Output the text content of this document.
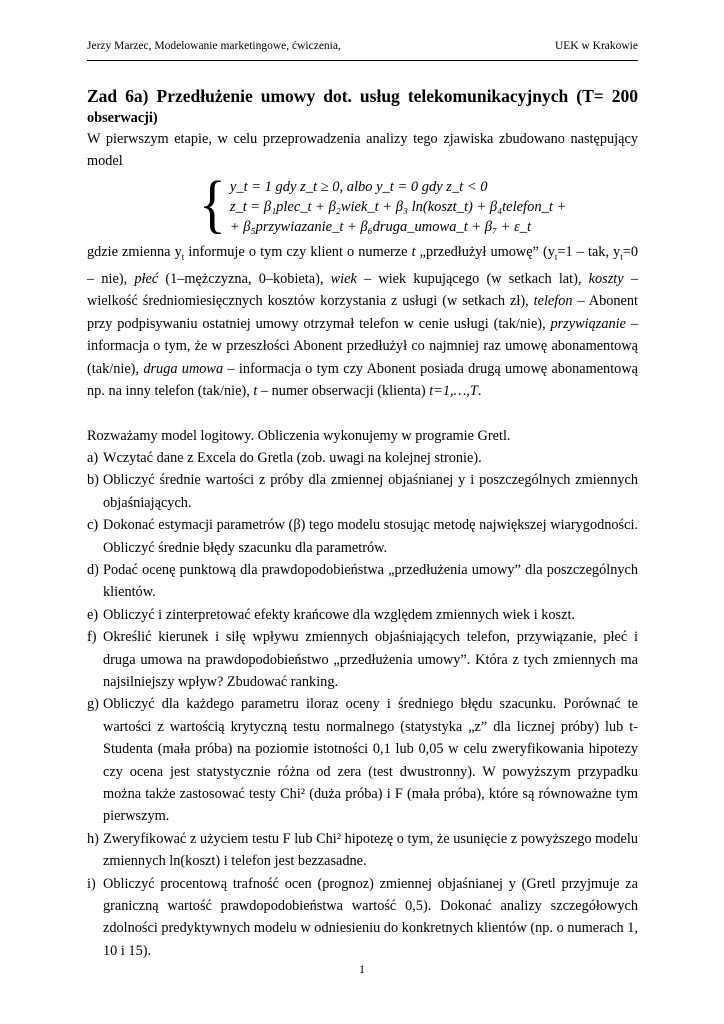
Jerzy Marzec, Modelowanie marketingowe, ćwiczenia,	UEK w Krakowie
Zad 6a) Przedłużenie umowy dot. usług telekomunikacyjnych (T= 200
obserwacji)

W pierwszym etapie, w celu przeprowadzenia analizy tego zjawiska zbudowano następujący model

{ y_t = 1 gdy z_t ≥ 0, albo y_t = 0 gdy z_t < 0
z_t = β₁plec_t + β₂wiek_t + β₃ ln(koszt_t) + β₄telefon_t +
+ β₅przywiazanie_t + β₆druga_umowa_t + β₇ + ε_t

gdzie zmienna $y_t$ informuje o tym czy klient o numerze t „przedłużył umowę” ($y_t=1$ – tak, $y_t=0 - nie$), płeć (1–mężczyzna, 0–kobieta), wiek – wiek kupującego (w setkach lat), koszty – wielkość średniomiesięcznych kosztów korzystania z usługi (w setkach zł), telefon – Abonent przy podpisywaniu ostatniej umowy otrzymał telefon w cenie usługi (tak/nie), przywiązanie – informacja o tym, że w przeszłości Abonent przedłużył co najmniej raz umowę abonamentową (tak/nie), druga umowa – informacja o tym czy Abonent posiada drugą umowę abonamentową np. na inny telefon (tak/nie), t – numer obserwacji (klienta) t=1,…,T.

Rozważamy model logitowy. Obliczenia wykonujemy w programie Gretl.

a) Wczytać dane z Excela do Gretla (zob. uwagi na kolejnej stronie).
b) Obliczyć średnie wartości z próby dla zmiennej objaśnianej y i poszczególnych zmiennych objaśniających.
c) Dokonać estymacji parametrów (β) tego modelu stosując metodę największej wiarygodności. Obliczyć średnie błędy szacunku dla parametrów.
d) Podać ocenę punktową dla prawdopodobieństwa „przedłużenia umowy” dla poszczególnych klientów.
e) Obliczyć i zinterpretować efekty krańcowe dla względem zmiennych wiek i koszt.
f) Określić kierunek i siłę wpływu zmiennych objaśniających telefon, przywiązanie, płeć i druga umowa na prawdopodobieństwo „przedłużenia umowy”. Która z tych zmiennych ma najsilniejszy wpływ? Zbudować ranking.
g) Obliczyć dla każdego parametru iloraz oceny i średniego błędu szacunku. Porównać te wartości z wartością krytyczną testu normalnego (statystyka „z” dla licznej próby) lub t-Studenta (mała próba) na poziomie istotności 0,1 lub 0,05 w celu zweryfikowania hipotezy czy ocena jest statystycznie różna od zera (test dwustronny). W powyższym przypadku można także zastosować testy Chi² (duża próba) i F (mała próba), które są równoważne tym pierwszym.
h) Zweryfikować z użyciem testu F lub Chi² hipotezę o tym, że usunięcie z powyższego modelu zmiennych ln(koszt) i telefon jest bezzasadne.
i) Obliczyć procentową trafność ocen (prognoz) zmiennej objaśnianej y (Gretl przyjmuje za graniczną wartość prawdopodobieństwa wartość 0,5). Dokonać analizy szczegółowych zdolności predyktywnych modelu w odniesieniu do konkretnych klientów (np. o numerach 1, 10 i 15).
1
